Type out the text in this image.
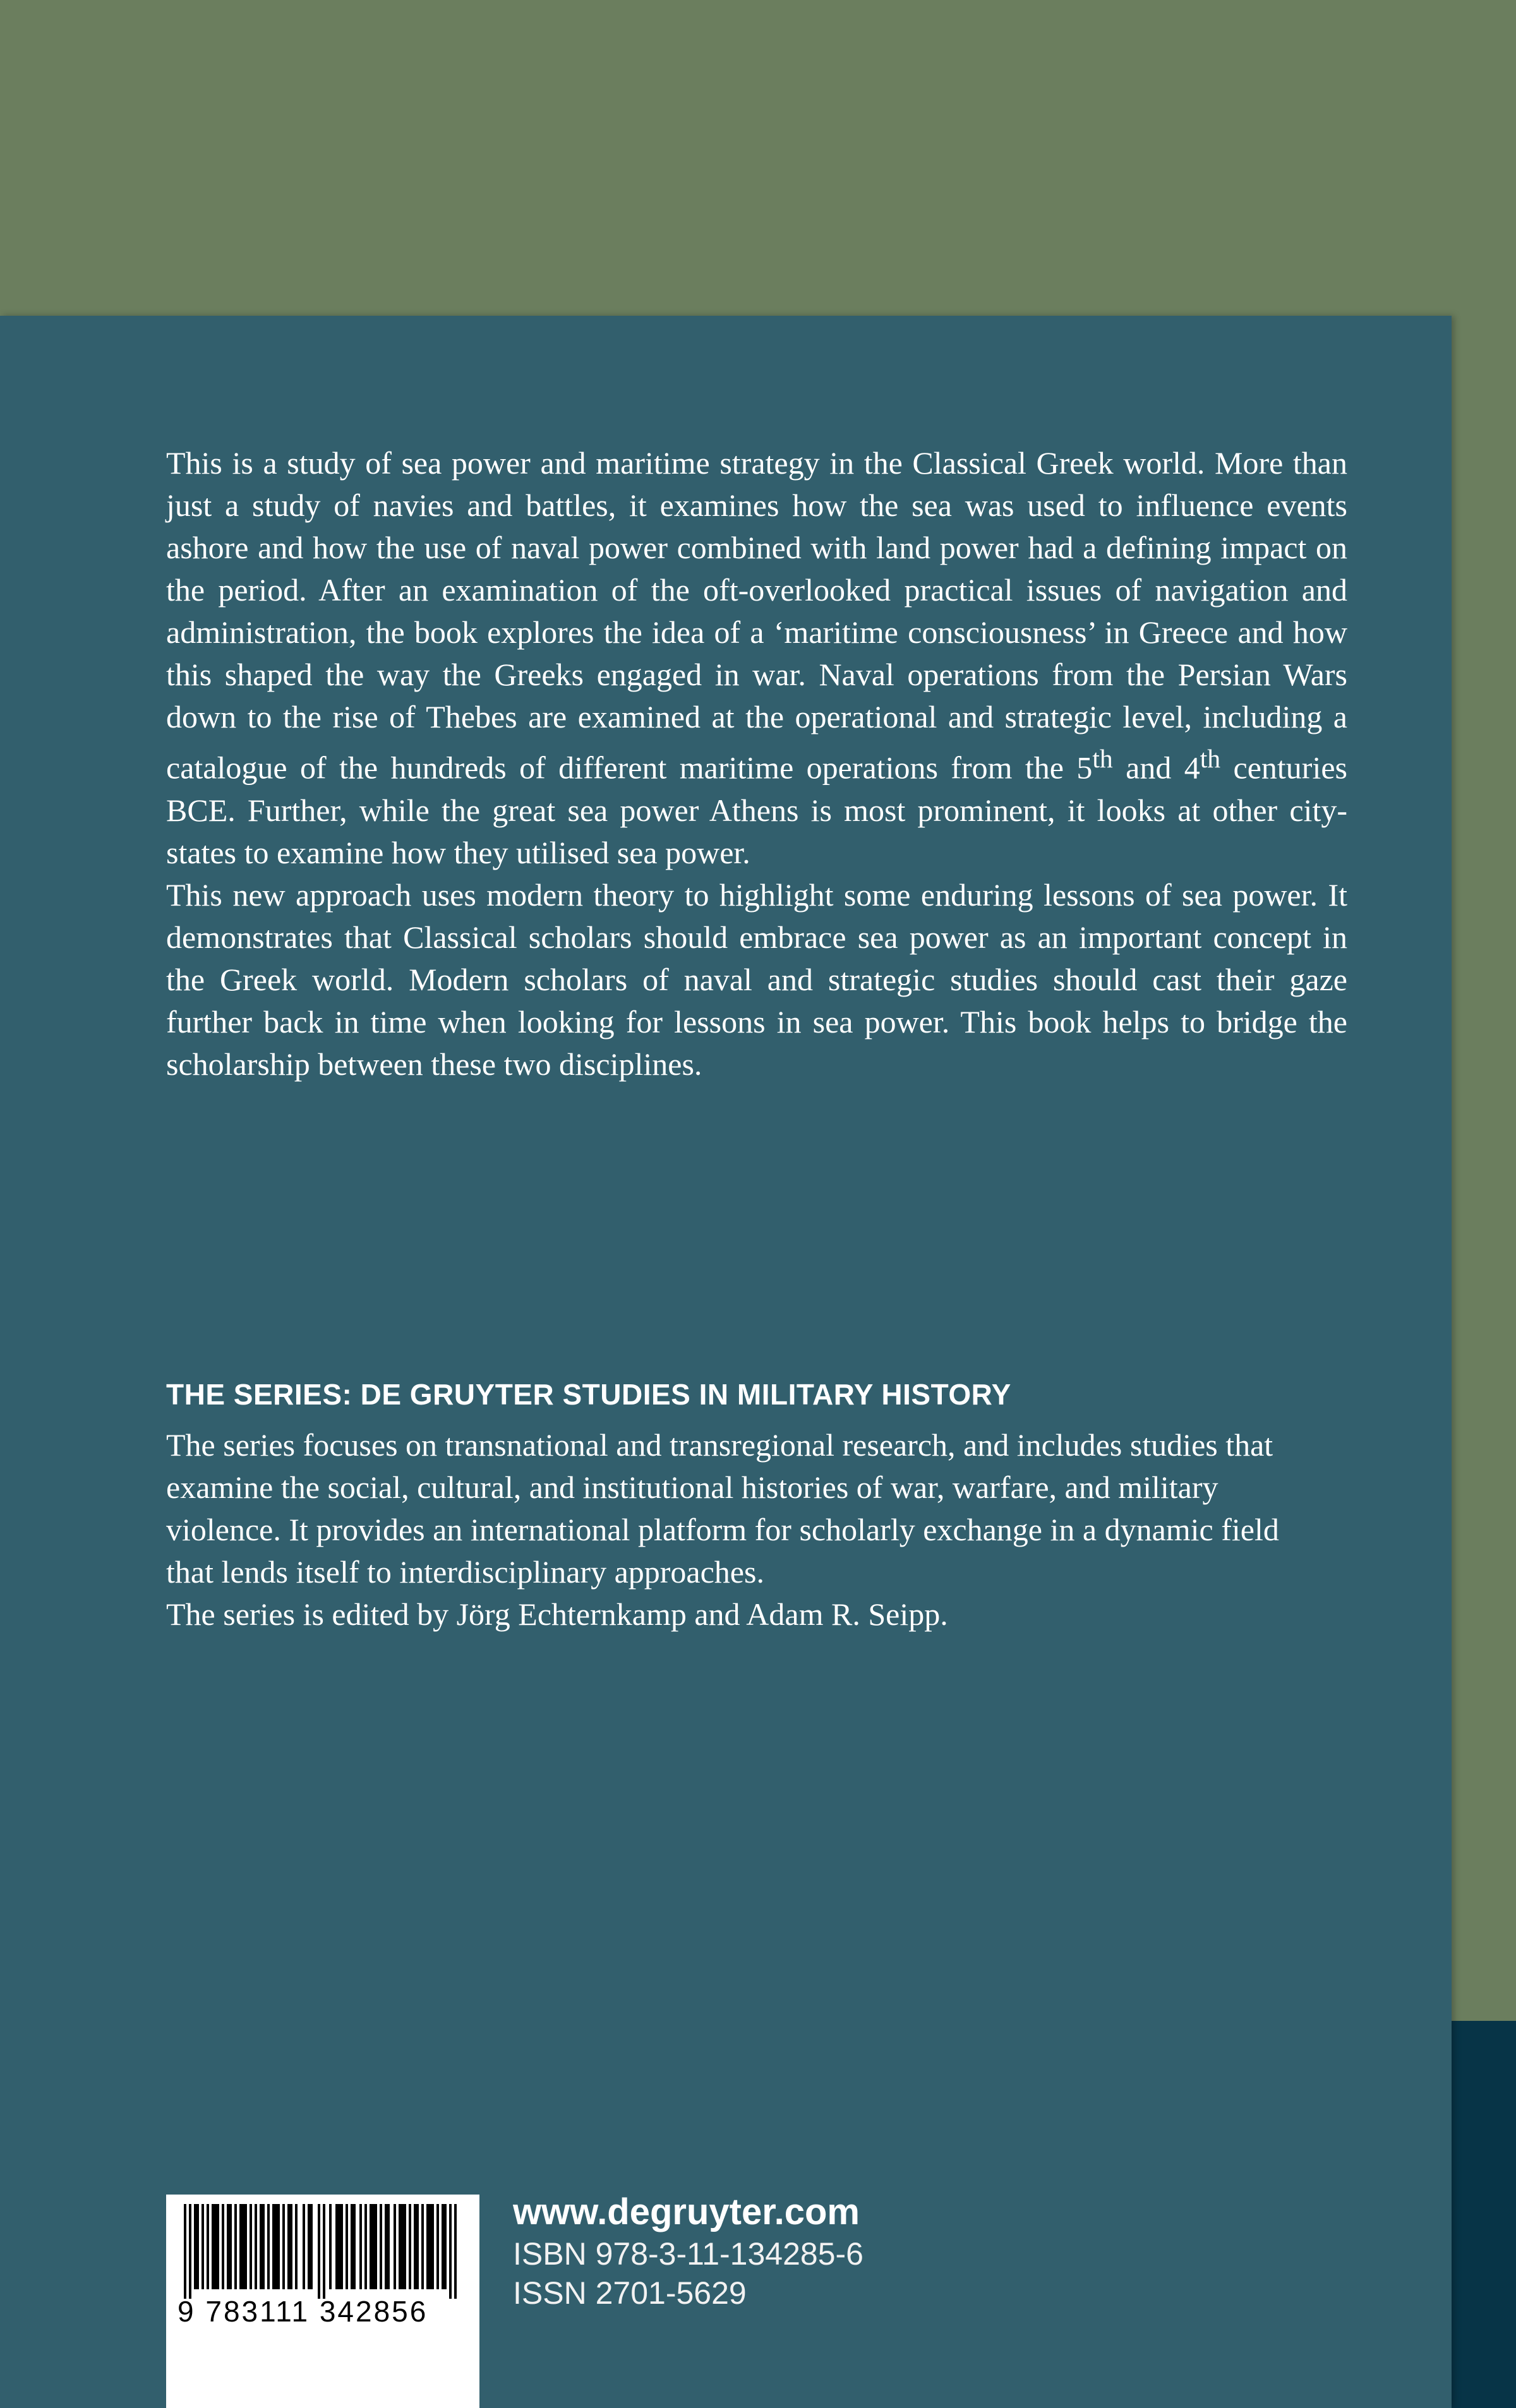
This is a study of sea power and maritime strategy in the Classical Greek world. More than just a study of navies and battles, it examines how the sea was used to influence events ashore and how the use of naval power combined with land power had a defining impact on the period. After an examination of the oft-overlooked practical issues of navigation and administration, the book explores the idea of a ‘maritime consciousness’ in Greece and how this shaped the way the Greeks engaged in war. Naval operations from the Persian Wars down to the rise of Thebes are examined at the operational and strategic level, including a catalogue of the hundreds of different maritime operations from the 5th and 4th centuries BCE. Further, while the great sea power Athens is most prominent, it looks at other city-states to examine how they utilised sea power.

This new approach uses modern theory to highlight some enduring lessons of sea power. It demonstrates that Classical scholars should embrace sea power as an important concept in the Greek world. Modern scholars of naval and strategic studies should cast their gaze further back in time when looking for lessons in sea power. This book helps to bridge the scholarship between these two disciplines.

THE SERIES: DE GRUYTER STUDIES IN MILITARY HISTORY

The series focuses on transnational and transregional research, and includes studies that examine the social, cultural, and institutional histories of war, warfare, and military violence. It provides an international platform for scholarly exchange in a dynamic field that lends itself to interdisciplinary approaches.

The series is edited by Jörg Echternkamp and Adam R. Seipp.

9 783111 342856
www.degruyter.com
ISBN 978-3-11-134285-6
ISSN 2701-5629
